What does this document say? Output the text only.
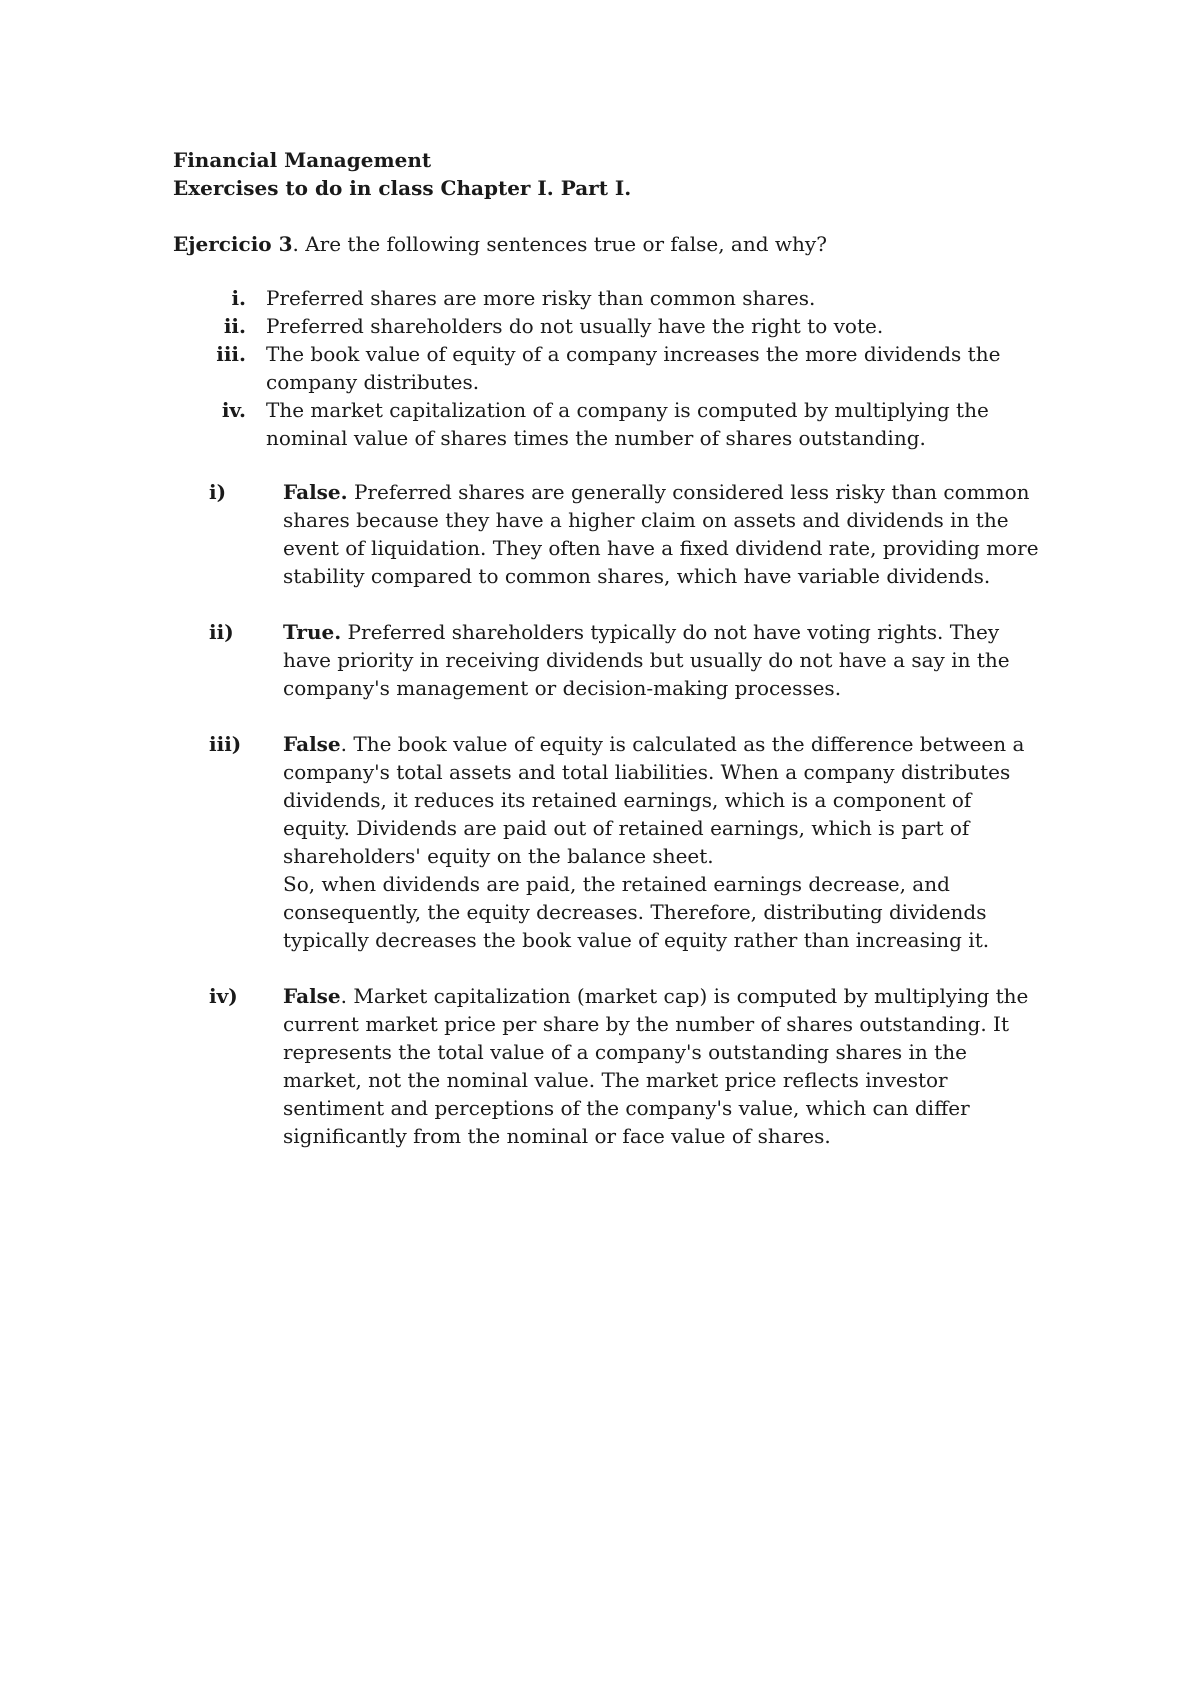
Financial Management
Exercises to do in class Chapter I. Part I.
Ejercicio 3. Are the following sentences true or false, and why?
i.	Preferred shares are more risky than common shares.
ii.	Preferred shareholders do not usually have the right to vote.
iii.	The book value of equity of a company increases the more dividends the company distributes.
iv.	The market capitalization of a company is computed by multiplying the nominal value of shares times the number of shares outstanding.
i)	False. Preferred shares are generally considered less risky than common shares because they have a higher claim on assets and dividends in the event of liquidation. They often have a fixed dividend rate, providing more stability compared to common shares, which have variable dividends.
ii)	True. Preferred shareholders typically do not have voting rights. They have priority in receiving dividends but usually do not have a say in the company's management or decision-making processes.
iii)	False. The book value of equity is calculated as the difference between a company's total assets and total liabilities. When a company distributes dividends, it reduces its retained earnings, which is a component of equity. Dividends are paid out of retained earnings, which is part of shareholders' equity on the balance sheet.
So, when dividends are paid, the retained earnings decrease, and consequently, the equity decreases. Therefore, distributing dividends typically decreases the book value of equity rather than increasing it.
iv)	False. Market capitalization (market cap) is computed by multiplying the current market price per share by the number of shares outstanding. It represents the total value of a company's outstanding shares in the market, not the nominal value. The market price reflects investor sentiment and perceptions of the company's value, which can differ significantly from the nominal or face value of shares.
